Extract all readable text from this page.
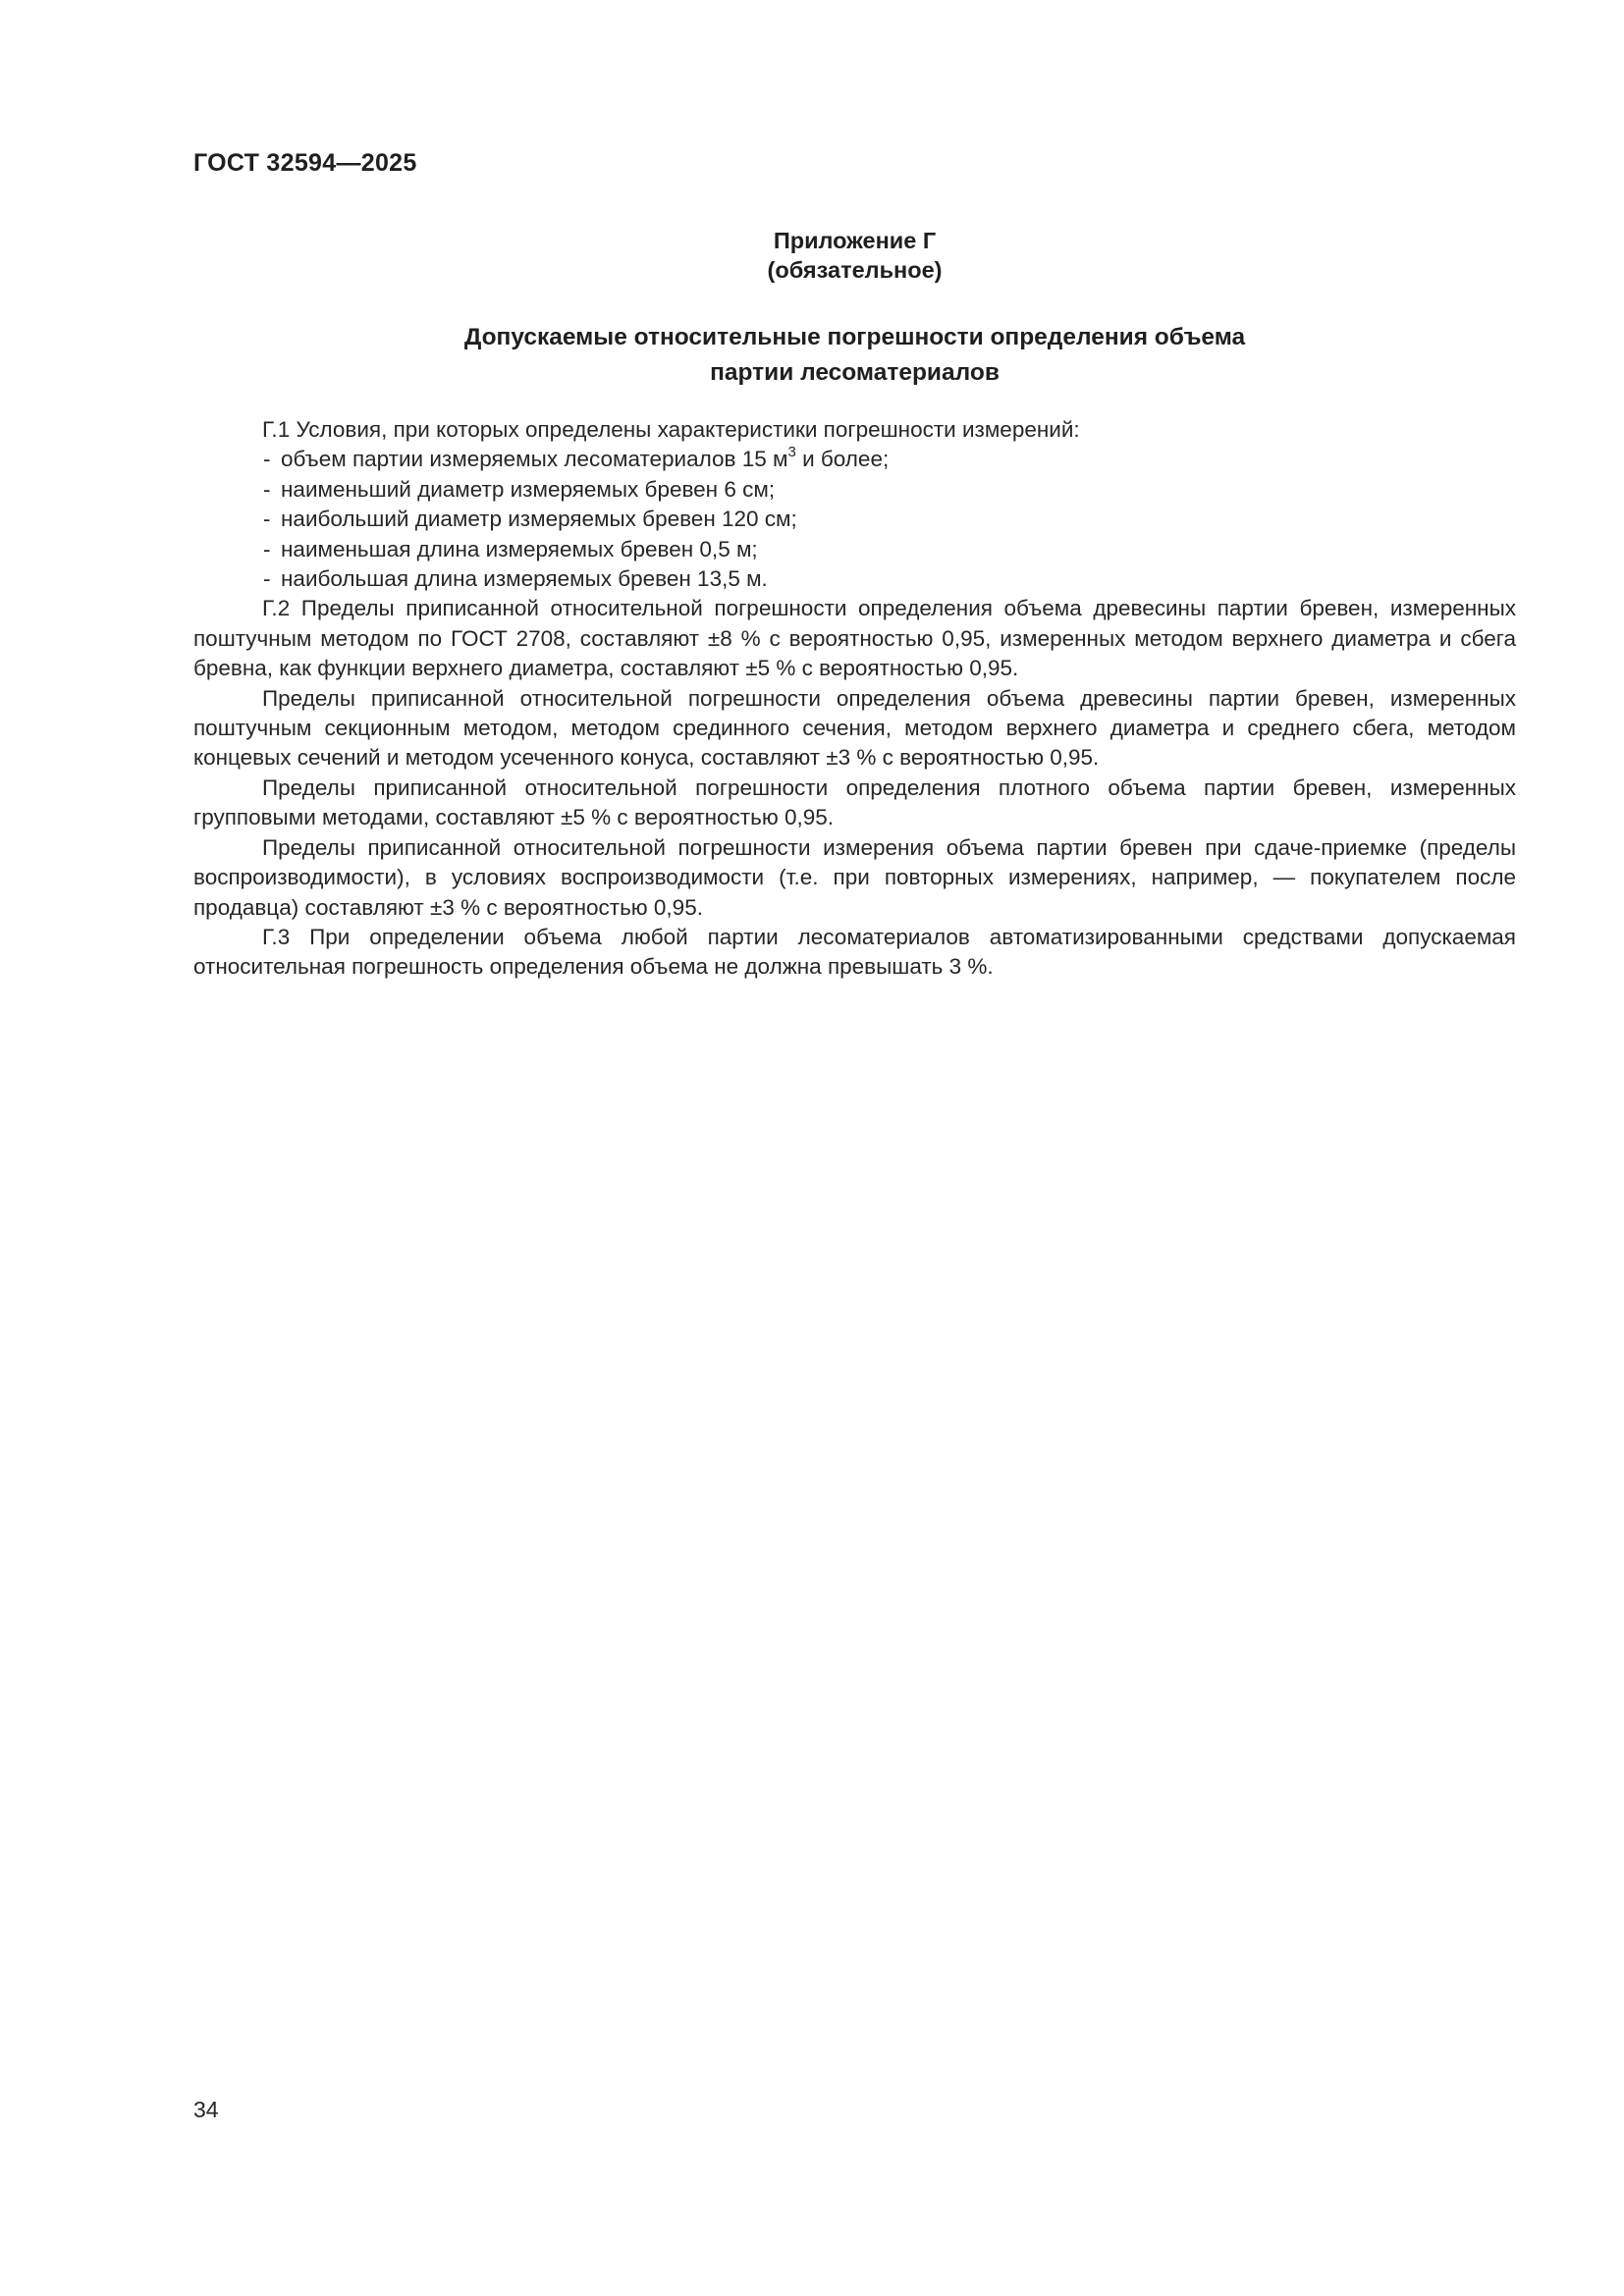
ГОСТ 32594—2025
Приложение Г
(обязательное)
Допускаемые относительные погрешности определения объема
партии лесоматериалов

Г.1 Условия, при которых определены характеристики погрешности измерений:

- объем партии измеряемых лесоматериалов 15 $м^3$ и более;
- наименьший диаметр измеряемых бревен 6 см;
- наибольший диаметр измеряемых бревен 120 см;
- наименьшая длина измеряемых бревен 0,5 м;
- наибольшая длина измеряемых бревен 13,5 м.

Г.2 Пределы приписанной относительной погрешности определения объема древесины партии бревен, измеренных поштучным методом по ГОСТ 2708, составляют ±8 % с вероятностью 0,95, измеренных методом верхнего диаметра и сбега бревна, как функции верхнего диаметра, составляют ±5 % с вероятностью 0,95.

Пределы приписанной относительной погрешности определения объема древесины партии бревен, измеренных поштучным секционным методом, методом срединного сечения, методом верхнего диаметра и среднего сбега, методом концевых сечений и методом усеченного конуса, составляют ±3 % с вероятностью 0,95.

Пределы приписанной относительной погрешности определения плотного объема партии бревен, измеренных групповыми методами, составляют ±5 % с вероятностью 0,95.

Пределы приписанной относительной погрешности измерения объема партии бревен при сдаче-приемке (пределы воспроизводимости), в условиях воспроизводимости (т.е. при повторных измерениях, например, — покупателем после продавца) составляют ±3 % с вероятностью 0,95.

Г.3 При определении объема любой партии лесоматериалов автоматизированными средствами допускаемая относительная погрешность определения объема не должна превышать 3 %.

34
